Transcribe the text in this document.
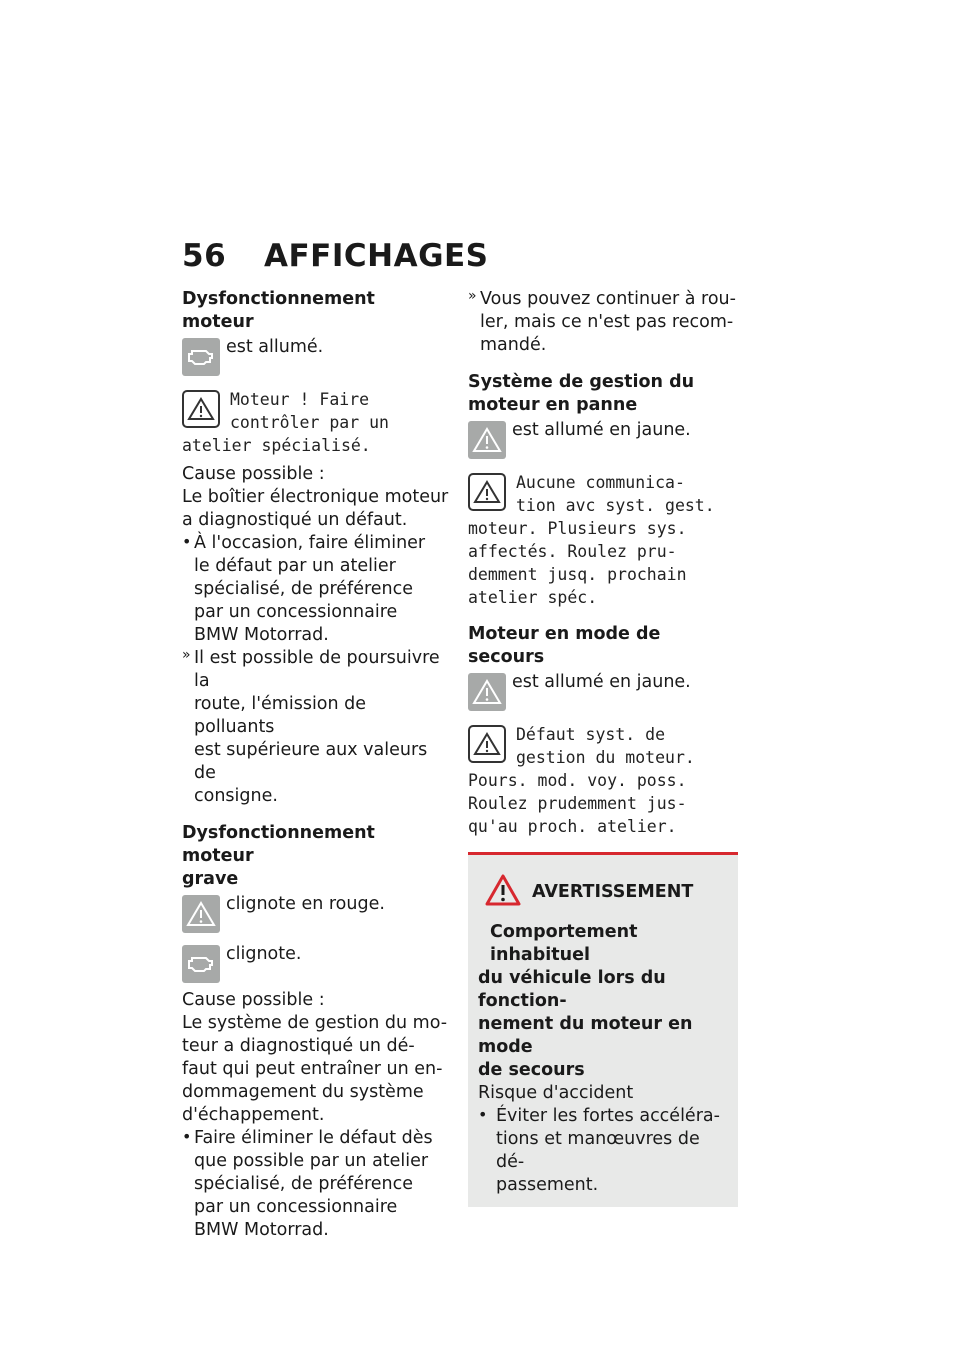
56 AFFICHAGES
Dysfonctionnement moteur
est allumé.
Moteur ! Faire
contrôler par un
atelier spécialisé.
Cause possible :
Le boîtier électronique moteur
a diagnostiqué un défaut.
• À l'occasion, faire éliminer
le défaut par un atelier
spécialisé, de préférence
par un concessionnaire
BMW Motorrad.
» Il est possible de poursuivre la
route, l'émission de polluants
est supérieure aux valeurs de
consigne.
Dysfonctionnement moteur
grave
clignote en rouge.
clignote.
Cause possible :
Le système de gestion du mo-
teur a diagnostiqué un dé-
faut qui peut entraîner un en-
dommagement du système
d'échappement.
• Faire éliminer le défaut dès
que possible par un atelier
spécialisé, de préférence
par un concessionnaire
BMW Motorrad.
» Vous pouvez continuer à rou-
ler, mais ce n'est pas recom-
mandé.
Système de gestion du
moteur en panne
est allumé en jaune.
Aucune communica-
tion avc syst. gest.
moteur. Plusieurs sys.
affectés. Roulez pru-
demment jusq. prochain
atelier spéc.
Moteur en mode de secours
est allumé en jaune.
Défaut syst. de
gestion du moteur.
Pours. mod. voy. poss.
Roulez prudemment jus-
qu'au proch. atelier.
AVERTISSEMENT
Comportement inhabituel
du véhicule lors du fonction-
nement du moteur en mode
de secours
Risque d'accident
• Éviter les fortes accéléra-
tions et manœuvres de dé-
passement.
